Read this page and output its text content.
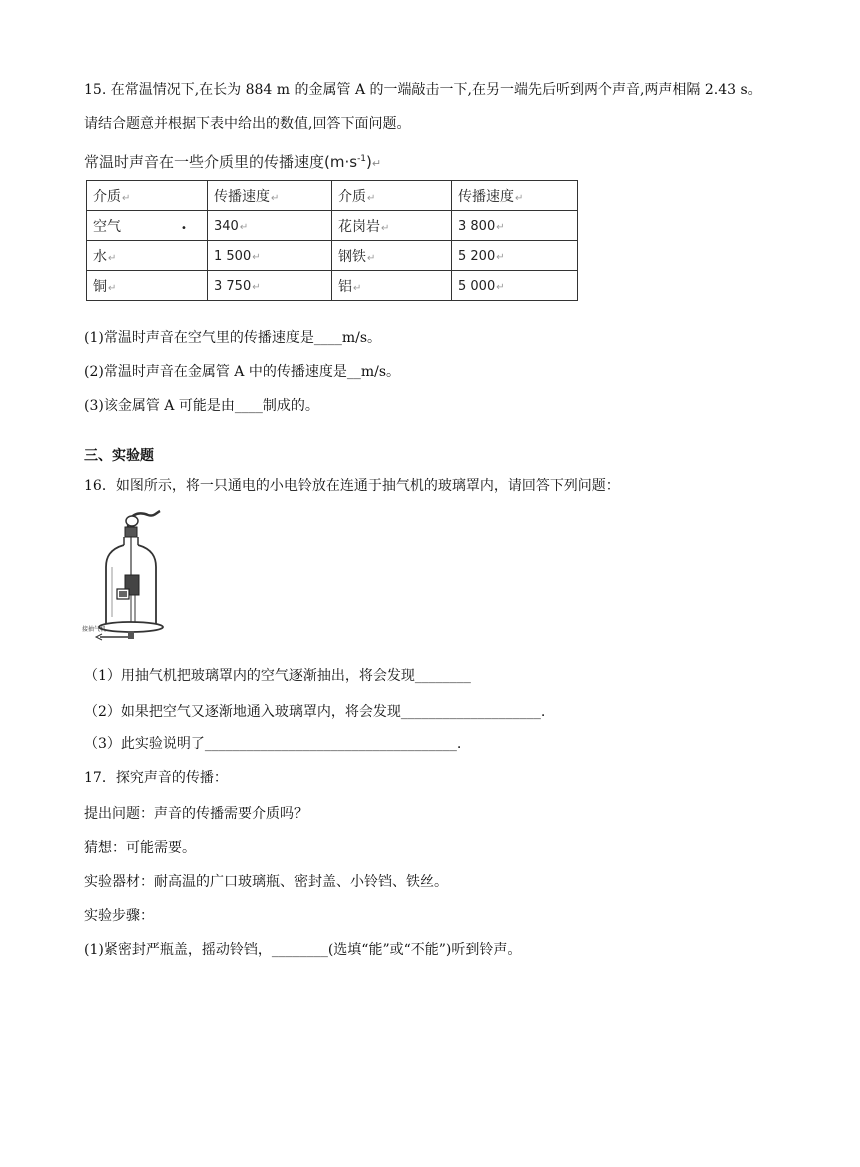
15. 在常温情况下,在长为 884 m 的金属管 A 的一端敲击一下,在另一端先后听到两个声音,两声相隔 2.43 s。
请结合题意并根据下表中给出的数值,回答下面问题。
常温时声音在一些介质里的传播速度$(m\cdot s^{-1})↵$
介质↵	传播速度↵	介质↵	传播速度↵
空气 •	340↵	花岗岩↵	3 800↵
水↵	1 500↵	钢铁↵	5 200↵
铜↵	3 750↵	铝↵	5 000↵
(1)常温时声音在空气里的传播速度是____m/s。
(2)常温时声音在金属管 A 中的传播速度是__m/s。
(3)该金属管 A 可能是由____制成的。
三、实验题
16．如图所示，将一只通电的小电铃放在连通于抽气机的玻璃罩内，请回答下列问题：
接抽气机
（1）用抽气机把玻璃罩内的空气逐渐抽出，将会发现________
（2）如果把空气又逐渐地通入玻璃罩内，将会发现____________________.
（3）此实验说明了____________________________________.
17．探究声音的传播：
提出问题：声音的传播需要介质吗？
猜想：可能需要。
实验器材：耐高温的广口玻璃瓶、密封盖、小铃铛、铁丝。
实验步骤：
(1)紧密封严瓶盖，摇动铃铛，________(选填“能”或“不能”)听到铃声。
